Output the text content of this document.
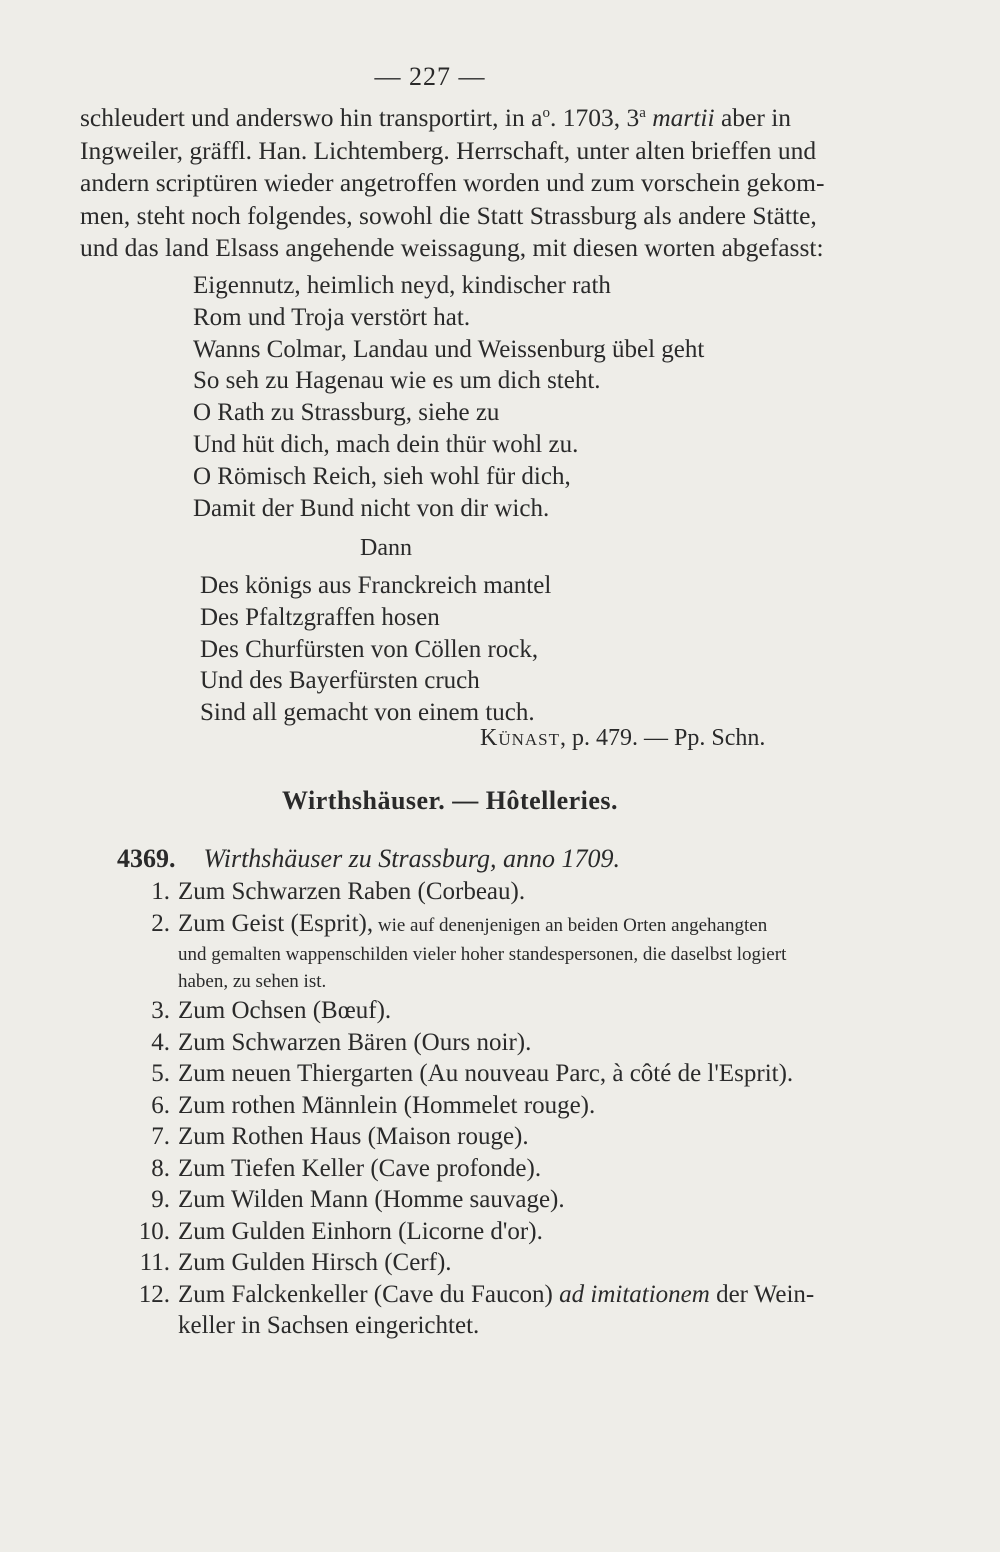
— 227 —
schleudert und anderswo hin transportirt, in $a^o$. 1703, 3$^a$ martii aber in
Ingweiler, gräffl. Han. Lichtemberg. Herrschaft, unter alten brieffen und
andern scriptüren wieder angetroffen worden und zum vorschein gekom-
men, steht noch folgendes, sowohl die Statt Strassburg als andere Stätte,
und das land Elsass angehende weissagung, mit diesen worten abgefasst:
Eigennutz, heimlich neyd, kindischer rath
Rom und Troja verstört hat.
Wanns Colmar, Landau und Weissenburg übel geht
So seh zu Hagenau wie es um dich steht.
O Rath zu Strassburg, siehe zu
Und hüt dich, mach dein thür wohl zu.
O Römisch Reich, sieh wohl für dich,
Damit der Bund nicht von dir wich.
Dann
Des königs aus Franckreich mantel
Des Pfaltzgraffen hosen
Des Churfürsten von Cöllen rock,
Und des Bayerfürsten cruch
Sind all gemacht von einem tuch.
Künast, p. 479. — Pp. Schn.
Wirthshäuser. — Hôtelleries.
4369. Wirthshäuser zu Strassburg, anno 1709.
1. Zum Schwarzen Raben (Corbeau).
2. Zum Geist (Esprit), wie auf denenjenigen an beiden Orten angehangten
und gemalten wappenschilden vieler hoher standespersonen, die daselbst logiert haben, zu sehen ist.
3. Zum Ochsen (Bœuf).
4. Zum Schwarzen Bären (Ours noir).
5. Zum neuen Thiergarten (Au nouveau Parc, à côté de l'Esprit).
6. Zum rothen Männlein (Hommelet rouge).
7. Zum Rothen Haus (Maison rouge).
8. Zum Tiefen Keller (Cave profonde).
9. Zum Wilden Mann (Homme sauvage).
10. Zum Gulden Einhorn (Licorne d'or).
11. Zum Gulden Hirsch (Cerf).
12. Zum Falckenkeller (Cave du Faucon) ad imitationem der Wein-
keller in Sachsen eingerichtet.
